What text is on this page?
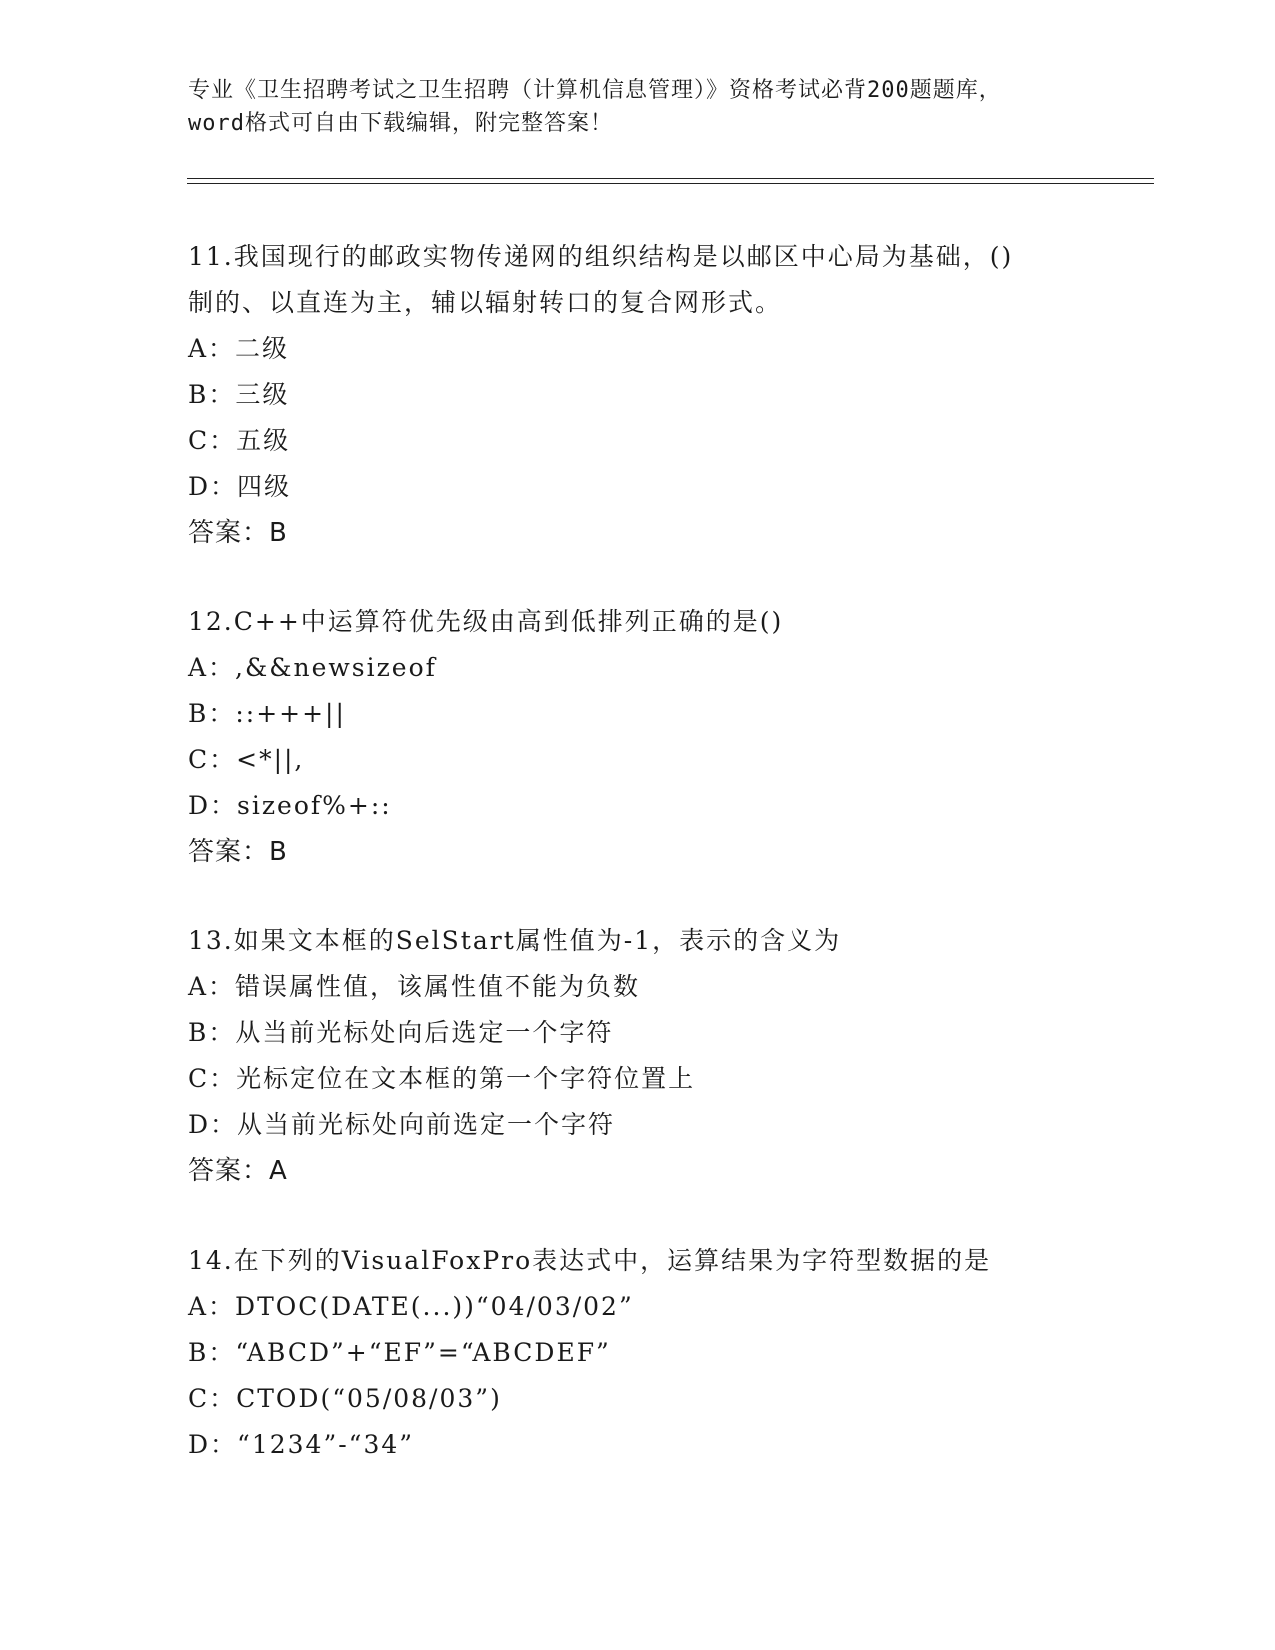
专业《卫生招聘考试之卫生招聘（计算机信息管理）》资格考试必背200题题库，
word格式可自由下载编辑，附完整答案！
11.我国现行的邮政实物传递网的组织结构是以邮区中心局为基础，()
制的、以直连为主，辅以辐射转口的复合网形式。
A：二级
B：三级
C：五级
D：四级
答案：B
12.C++中运算符优先级由高到低排列正确的是()
A：,&&newsizeof
B：::+++||
C：<*||,
D：sizeof%+::
答案：B
13.如果文本框的SelStart属性值为-1，表示的含义为
A：错误属性值，该属性值不能为负数
B：从当前光标处向后选定一个字符
C：光标定位在文本框的第一个字符位置上
D：从当前光标处向前选定一个字符
答案：A
14.在下列的VisualFoxPro表达式中，运算结果为字符型数据的是
A：DTOC(DATE(...))“04/03/02”
B：“ABCD”+“EF”=“ABCDEF”
C：CTOD(“05/08/03”)
D：“1234”-“34”
